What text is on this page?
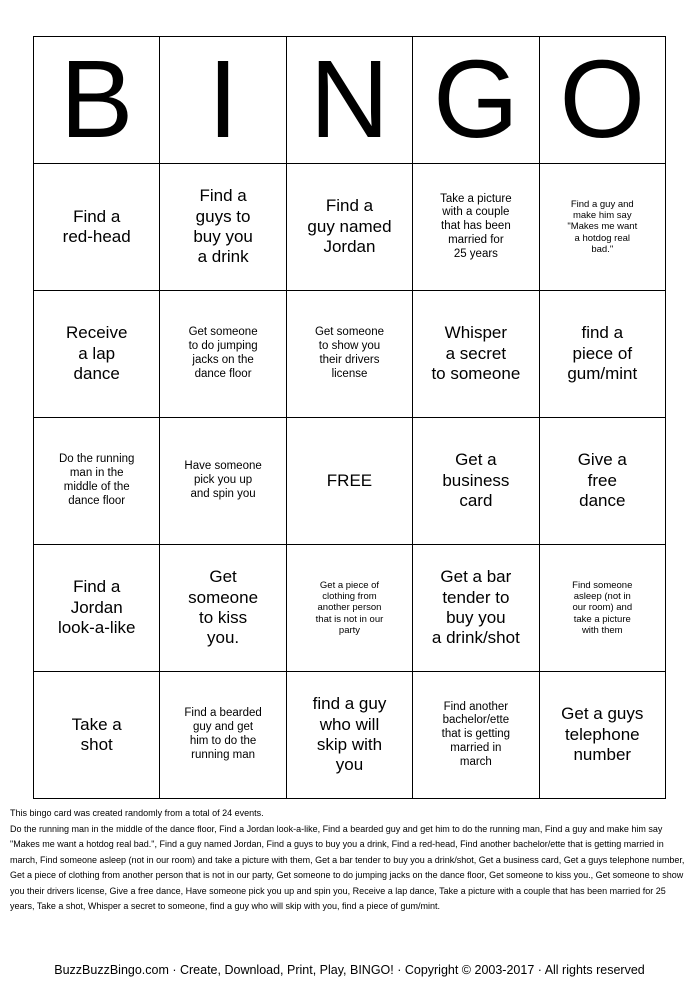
B	I	N	G	O
Find a
red-head	Find a
guys to
buy you
a drink	Find a
guy named
Jordan	Take a picture
with a couple
that has been
married for
25 years	Find a guy and
make him say
"Makes me want
a hotdog real
bad."
Receive
a lap
dance	Get someone
to do jumping
jacks on the
dance floor	Get someone
to show you
their drivers
license	Whisper
a secret
to someone	find a
piece of
gum/mint
Do the running
man in the
middle of the
dance floor	Have someone
pick you up
and spin you	FREE	Get a
business
card	Give a
free
dance
Find a
Jordan
look-a-like	Get
someone
to kiss
you.	Get a piece of
clothing from
another person
that is not in our
party	Get a bar
tender to
buy you
a drink/shot	Find someone
asleep (not in
our room) and
take a picture
with them
Take a
shot	Find a bearded
guy and get
him to do the
running man	find a guy
who will
skip with
you	Find another
bachelor/ette
that is getting
married in
march	Get a guys
telephone
number

This bingo card was created randomly from a total of 24 events.

Do the running man in the middle of the dance floor, Find a Jordan look-a-like, Find a bearded guy and get him to do the running man, Find a guy and make him say "Makes me want a hotdog real bad.", Find a guy named Jordan, Find a guys to buy you a drink, Find a red-head, Find another bachelor/ette that is getting married in march, Find someone asleep (not in our room) and take a picture with them, Get a bar tender to buy you a drink/shot, Get a business card, Get a guys telephone number, Get a piece of clothing from another person that is not in our party, Get someone to do jumping jacks on the dance floor, Get someone to kiss you., Get someone to show you their drivers license, Give a free dance, Have someone pick you up and spin you, Receive a lap dance, Take a picture with a couple that has been married for 25 years, Take a shot, Whisper a secret to someone, find a guy who will skip with you, find a piece of gum/mint.

BuzzBuzzBingo.com · Create, Download, Print, Play, BINGO! · Copyright © 2003-2017 · All rights reserved
